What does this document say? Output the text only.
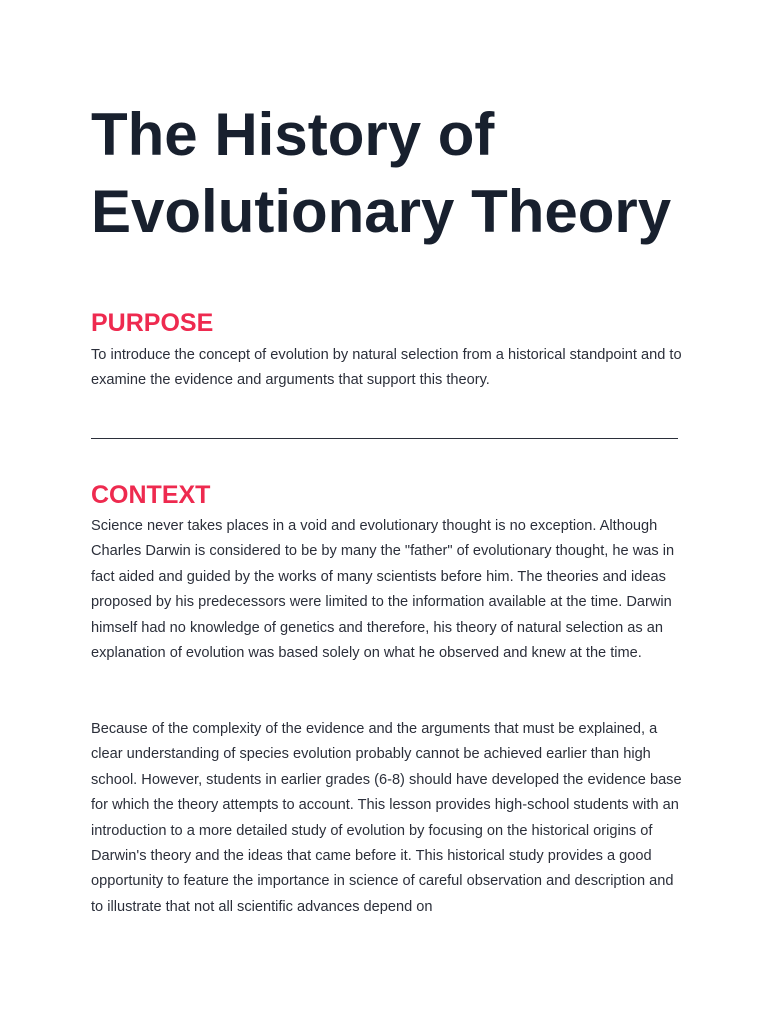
The History of Evolutionary Theory
PURPOSE

To introduce the concept of evolution by natural selection from a historical standpoint and to examine the evidence and arguments that support this theory.

CONTEXT

Science never takes places in a void and evolutionary thought is no exception. Although Charles Darwin is considered to be by many the "father" of evolutionary thought, he was in fact aided and guided by the works of many scientists before him. The theories and ideas proposed by his predecessors were limited to the information available at the time. Darwin himself had no knowledge of genetics and therefore, his theory of natural selection as an explanation of evolution was based solely on what he observed and knew at the time.

Because of the complexity of the evidence and the arguments that must be explained, a clear understanding of species evolution probably cannot be achieved earlier than high school. However, students in earlier grades (6-8) should have developed the evidence base for which the theory attempts to account. This lesson provides high-school students with an introduction to a more detailed study of evolution by focusing on the historical origins of Darwin's theory and the ideas that came before it. This historical study provides a good opportunity to feature the importance in science of careful observation and description and to illustrate that not all scientific advances depend on
